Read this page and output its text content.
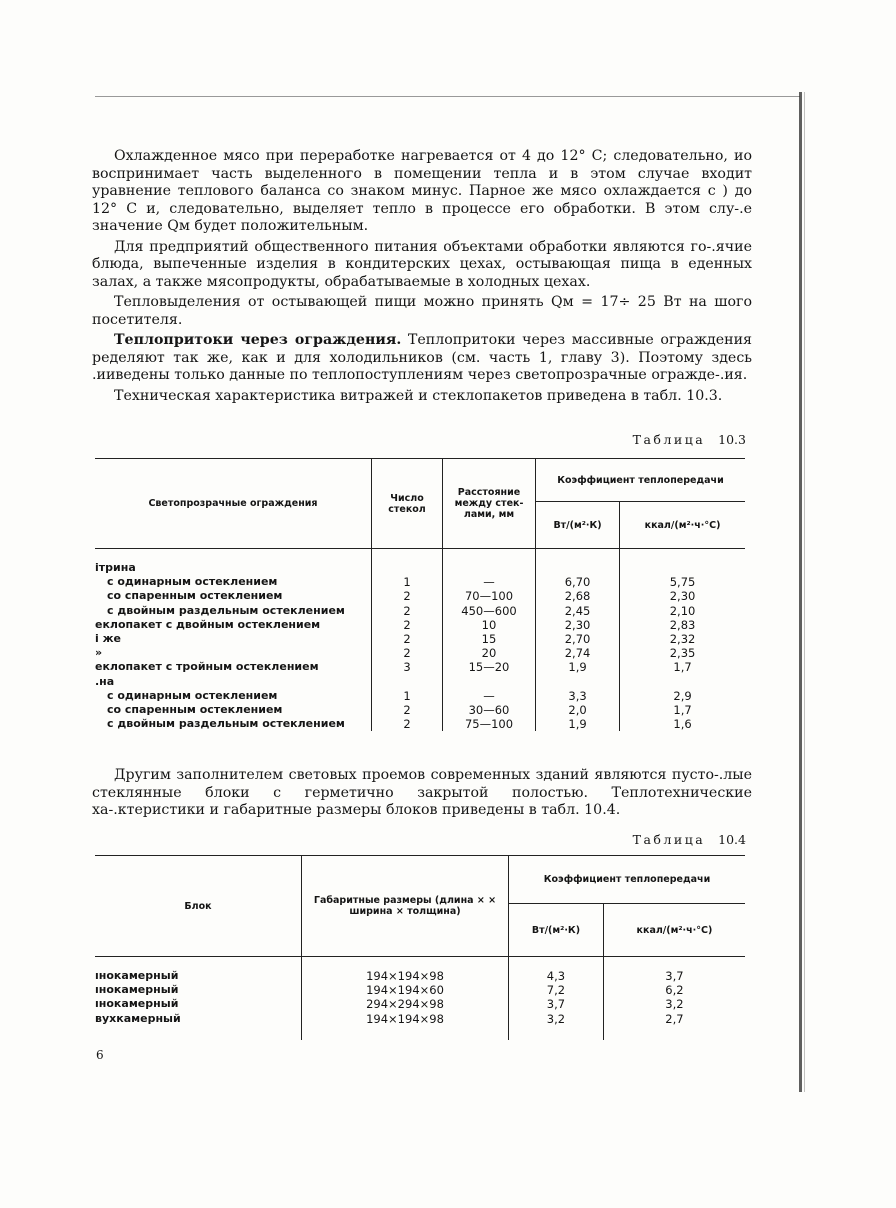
Охлажденное мясо при переработке нагревается от 4 до 12° С; следовательно, ио воспринимает часть выделенного в помещении тепла и в этом случае входит уравнение теплового баланса со знаком минус. Парное же мясо охлаждается с ) до 12° С и, следовательно, выделяет тепло в процессе его обработки. В этом слу-.е значение Qм будет положительным.

Для предприятий общественного питания объектами обработки являются го-.ячие блюда, выпеченные изделия в кондитерских цехах, остывающая пища в еденных залах, а также мясопродукты, обрабатываемые в холодных цехах.

Тепловыделения от остывающей пищи можно принять Qм = 17÷ 25 Вт на шого посетителя.

Теплопритоки через ограждения. Теплопритоки через массивные ограждения ределяют так же, как и для холодильников (см. часть 1, главу 3). Поэтому здесь .ииведены только данные по теплопоступлениям через светопрозрачные огражде-.ия.

Техническая характеристика витражей и стеклопакетов приведена в табл. 10.3.

Таблица 10.3
Светопрозрачные ограждения	Число стекол	Расстояние между стек-лами, мм	Коэффициент теплопередачи	
			Вт/(м²·К)	ккал/(м²·ч·°С)
ітрина				
с одинарным остеклением	1	—	6,70	5,75
со спаренным остеклением	2	70—100	2,68	2,30
с двойным раздельным остеклением	2	450—600	2,45	2,10
еклопакет с двойным остеклением	2	10	2,30	2,83
і же	2	15	2,70	2,32
»	2	20	2,74	2,35
еклопакет с тройным остеклением	3	15—20	1,9	1,7
.на				
с одинарным остеклением	1	—	3,3	2,9
со спаренным остеклением	2	30—60	2,0	1,7
с двойным раздельным остеклением	2	75—100	1,9	1,6

Другим заполнителем световых проемов современных зданий являются пусто-.лые стеклянные блоки с герметично закрытой полостью. Теплотехнические ха-.ктеристики и габаритные размеры блоков приведены в табл. 10.4.

Таблица 10.4
Блок	Габаритные размеры (длина × × ширина × толщина)	Коэффициент теплопередачи	
		Вт/(м²·К)	ккал/(м²·ч·°С)
ıнокамерный	194×194×98	4,3	3,7
ıнокамерный	194×194×60	7,2	6,2
ıнокамерный	294×294×98	3,7	3,2
вухкамерный	194×194×98	3,2	2,7
6
